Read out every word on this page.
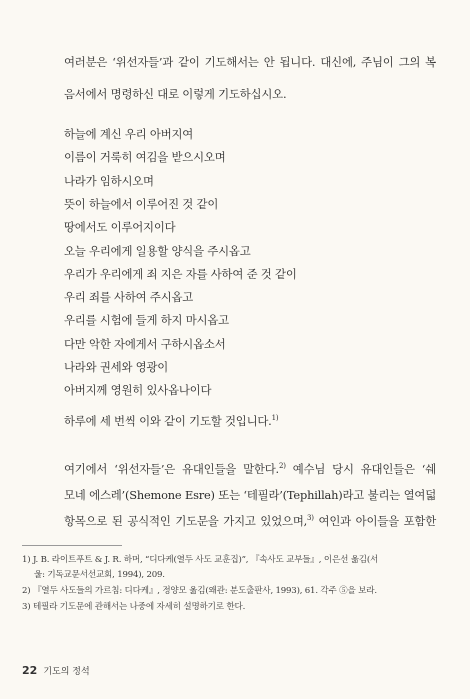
여러분은 ‘위선자들’과 같이 기도해서는 안 됩니다. 대신에, 주님이 그의 복
음서에서 명령하신 대로 이렇게 기도하십시오.
하늘에 계신 우리 아버지여
이름이 거룩히 여김을 받으시오며
나라가 임하시오며
뜻이 하늘에서 이루어진 것 같이
땅에서도 이루어지이다
오늘 우리에게 일용할 양식을 주시옵고
우리가 우리에게 죄 지은 자를 사하여 준 것 같이
우리 죄를 사하여 주시옵고
우리를 시험에 들게 하지 마시옵고
다만 악한 자에게서 구하시옵소서
나라와 권세와 영광이
아버지께 영원히 있사옵나이다
하루에 세 번씩 이와 같이 기도할 것입니다.$^{1)}$
여기에서 ‘위선자들’은 유대인들을 말한다.$^{2)}$ 예수님 당시 유대인들은 ‘쉐
모네 에스레’(Shemone Esre) 또는 ‘테필라’(Tephillah)라고 불리는 열여덟
항목으로 된 공식적인 기도문을 가지고 있었으며,$^{3)}$ 여인과 아이들을 포함한
1) J. B. 라이트푸트 & J. R. 하머, “디다케(열두 사도 교훈집)”, 『속사도 교부들』, 이은선 옮김(서
울: 기독교문서선교회, 1994), 209.
2) 『열두 사도들의 가르침: 디다케』, 정양모 옮김(왜관: 분도출판사, 1993), 61. 각주 ⑤을 보라.
3) 테필라 기도문에 관해서는 나중에 자세히 설명하기로 한다.
22 기도의 정석
